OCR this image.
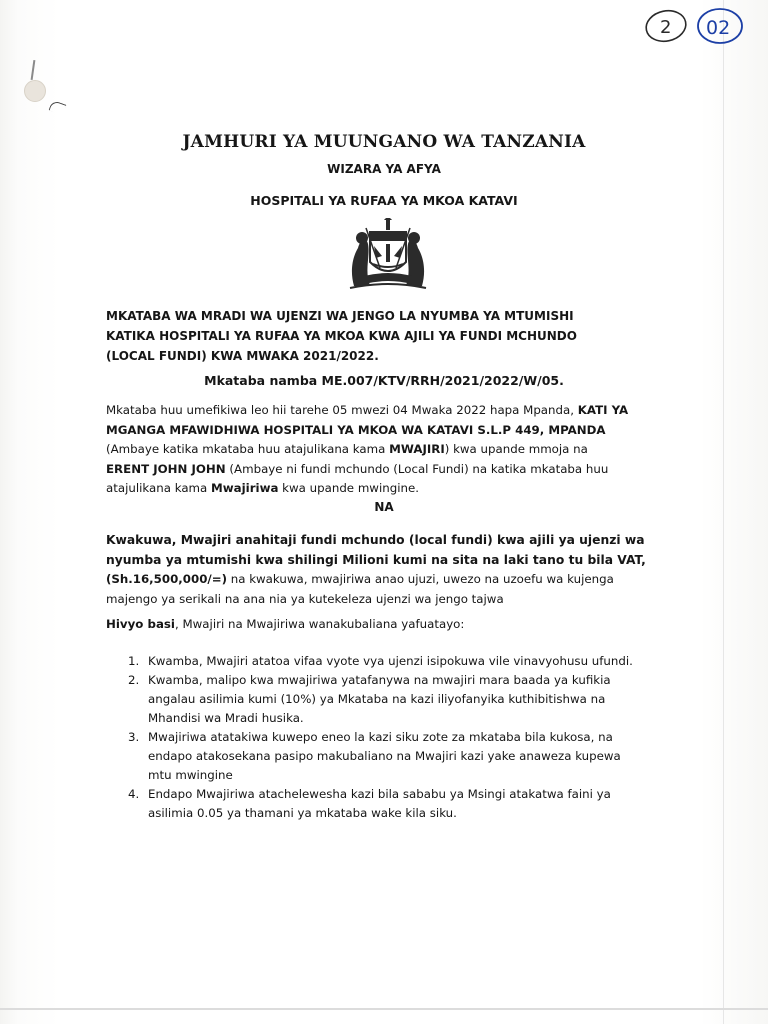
2 02
JAMHURI YA MUUNGANO WA TANZANIA
WIZARA YA AFYA
HOSPITALI YA RUFAA YA MKOA KATAVI
MKATABA WA MRADI WA UJENZI WA JENGO LA NYUMBA YA MTUMISHI
KATIKA HOSPITALI YA RUFAA YA MKOA KWA AJILI YA FUNDI MCHUNDO
(LOCAL FUNDI) KWA MWAKA 2021/2022.
Mkataba namba ME.007/KTV/RRH/2021/2022/W/05.
Mkataba huu umefikiwa leo hii tarehe 05 mwezi 04 Mwaka 2022 hapa Mpanda, KATI YA
MGANGA MFAWIDHIWA HOSPITALI YA MKOA WA KATAVI S.L.P 449, MPANDA
(Ambaye katika mkataba huu atajulikana kama MWAJIRI) kwa upande mmoja na
ERENT JOHN JOHN (Ambaye ni fundi mchundo (Local Fundi) na katika mkataba huu
atajulikana kama Mwajiriwa kwa upande mwingine.
NA
Kwakuwa, Mwajiri anahitaji fundi mchundo (local fundi) kwa ajili ya ujenzi wa
nyumba ya mtumishi kwa shilingi Milioni kumi na sita na laki tano tu bila VAT,
(Sh.16,500,000/=) na kwakuwa, mwajiriwa anao ujuzi, uwezo na uzoefu wa kujenga
majengo ya serikali na ana nia ya kutekeleza ujenzi wa jengo tajwa
Hivyo basi, Mwajiri na Mwajiriwa wanakubaliana yafuatayo:
1. Kwamba, Mwajiri atatoa vifaa vyote vya ujenzi isipokuwa vile vinavyohusu ufundi.
2. Kwamba, malipo kwa mwajiriwa yatafanywa na mwajiri mara baada ya kufikia
angalau asilimia kumi (10%) ya Mkataba na kazi iliyofanyika kuthibitishwa na
Mhandisi wa Mradi husika.
3. Mwajiriwa atatakiwa kuwepo eneo la kazi siku zote za mkataba bila kukosa, na
endapo atakosekana pasipo makubaliano na Mwajiri kazi yake anaweza kupewa
mtu mwingine
4. Endapo Mwajiriwa atachelewesha kazi bila sababu ya Msingi atakatwa faini ya
asilimia 0.05 ya thamani ya mkataba wake kila siku.
